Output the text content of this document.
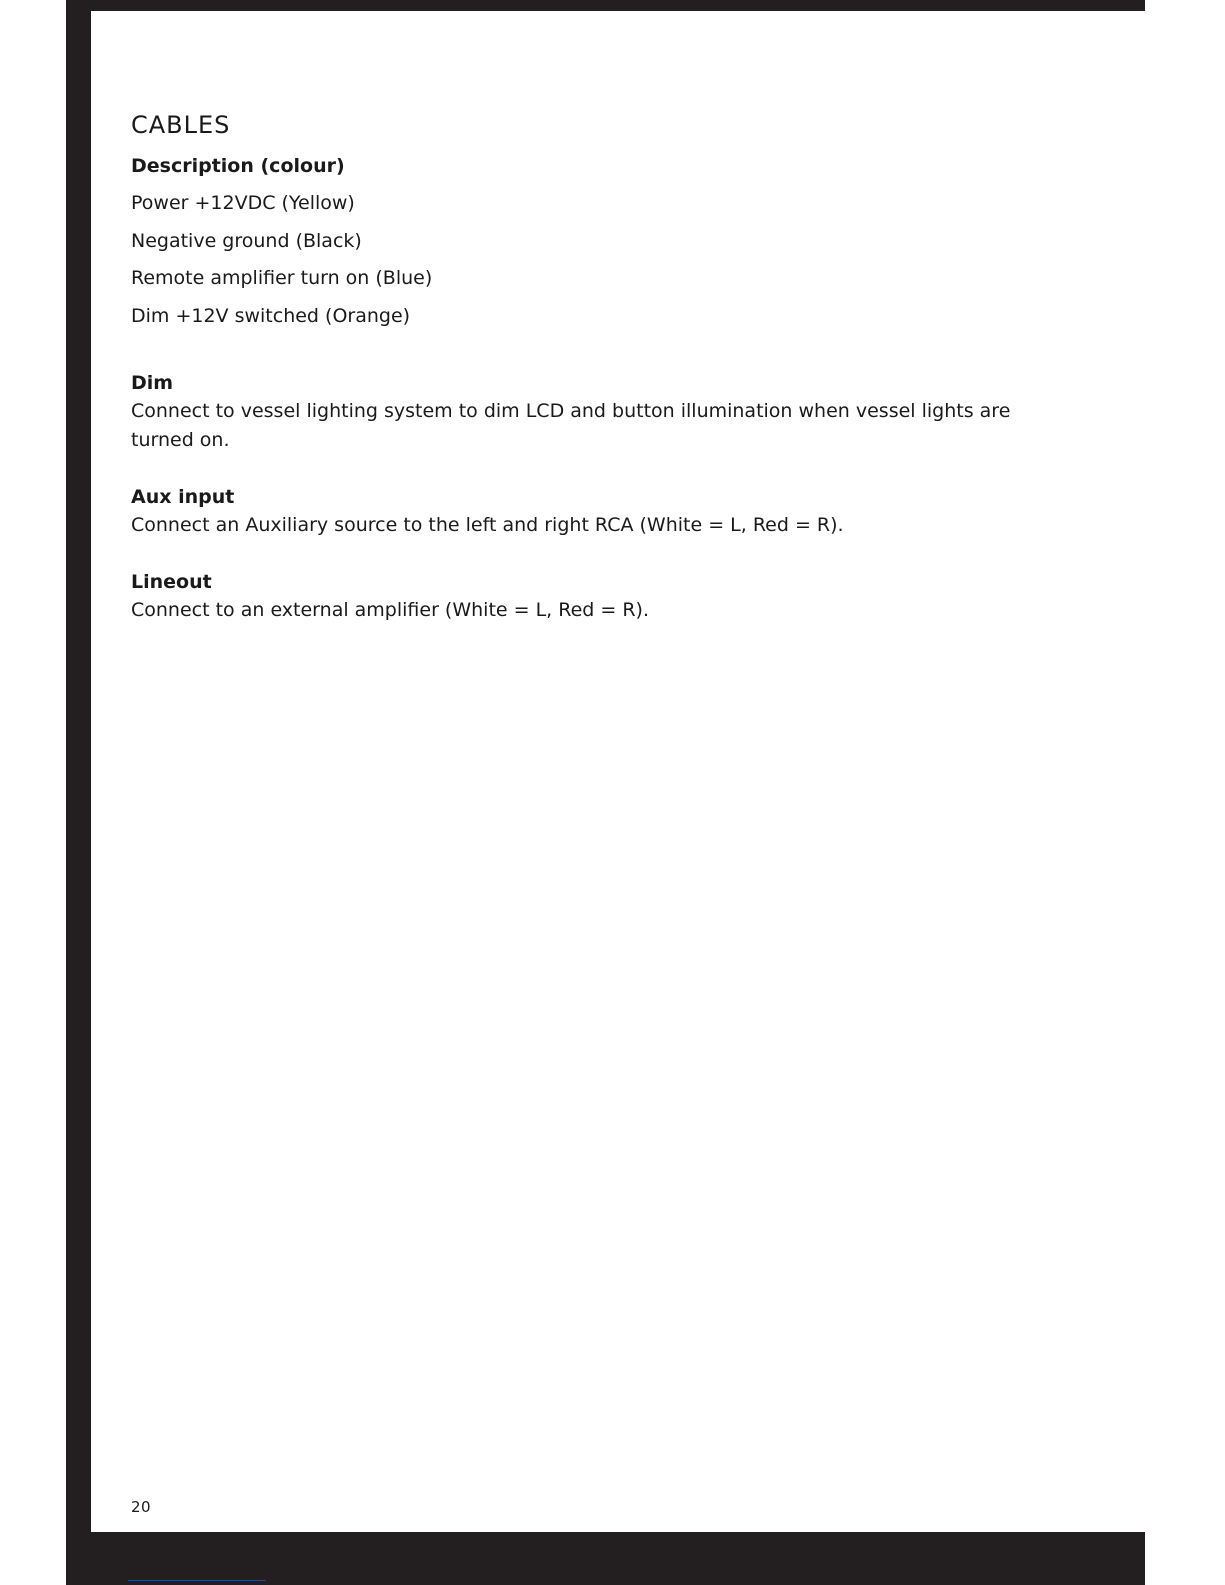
CABLES
Description (colour)
Power +12VDC (Yellow)
Negative ground (Black)
Remote amplifier turn on (Blue)
Dim +12V switched (Orange)
Dim

Connect to vessel lighting system to dim LCD and button illumination when vessel lights are turned on.

Aux input

Connect an Auxiliary source to the left and right RCA (White = L, Red = R).

Lineout

Connect to an external amplifier (White = L, Red = R).

20
